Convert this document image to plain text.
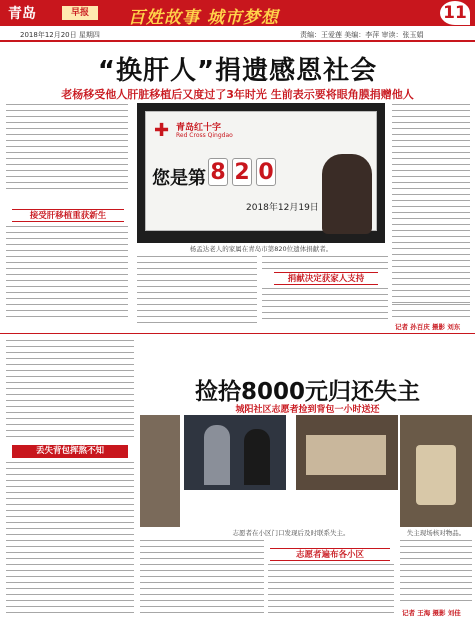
青岛	早报	百姓故事 城市梦想	11
2018年12月20日 星期四	责编：王爱莲 美编：李萍 审读：张玉娟
“换肝人”捐遗感恩社会
老杨移受他人肝脏移植后又度过了3年时光 生前表示要将眼角膜捐赠他人
✚ 青岛红十字
Red Cross Qingdao
您是第 8 2 0
2018年12月19日
杨孟达老人的家属在青岛市第820位遗体捐献者。
接受肝移植重获新生
捐献决定获家人支持
记者 孙百庆 摄影 刘东
丢失背包挥熬不知
捡拾8000元归还失主
城阳社区志愿者捡到背包一小时送还
志愿者在小区门口发现后及时联系失主。	失主现场核对物品。
志愿者遍布各小区
记者 王海 摄影 刘佳
